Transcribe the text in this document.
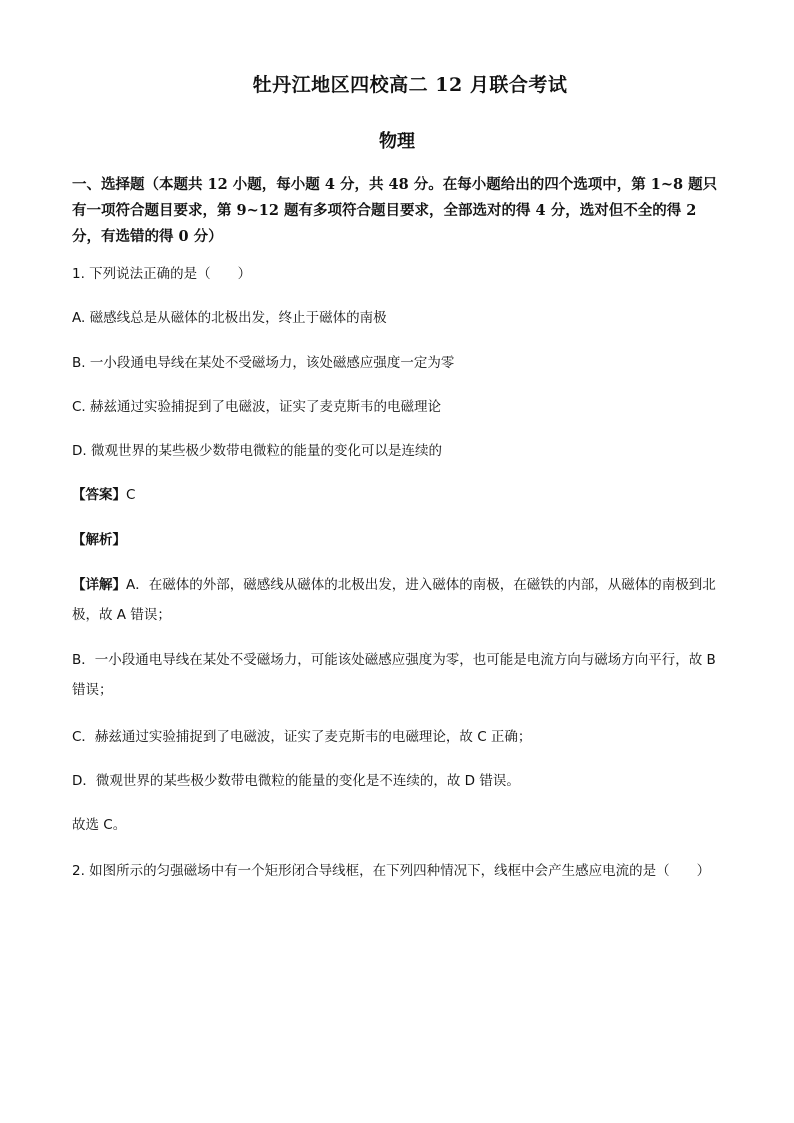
牡丹江地区四校高二 12 月联合考试
物理
一、选择题（本题共 12 小题，每小题 4 分，共 48 分。在每小题给出的四个选项中，第 1~8 题只有一项符合题目要求，第 9~12 题有多项符合题目要求，全部选对的得 4 分，选对但不全的得 2 分，有选错的得 0 分）
1. 下列说法正确的是（　　）
A. 磁感线总是从磁体的北极出发，终止于磁体的南极
B. 一小段通电导线在某处不受磁场力，该处磁感应强度一定为零
C. 赫兹通过实验捕捉到了电磁波，证实了麦克斯韦的电磁理论
D. 微观世界的某些极少数带电微粒的能量的变化可以是连续的
【答案】C
【解析】
【详解】A．在磁体的外部，磁感线从磁体的北极出发，进入磁体的南极，在磁铁的内部，从磁体的南极到北极，故 A 错误；
B．一小段通电导线在某处不受磁场力，可能该处磁感应强度为零，也可能是电流方向与磁场方向平行，故 B 错误；
C．赫兹通过实验捕捉到了电磁波，证实了麦克斯韦的电磁理论，故 C 正确；
D．微观世界的某些极少数带电微粒的能量的变化是不连续的，故 D 错误。
故选 C。
2. 如图所示的匀强磁场中有一个矩形闭合导线框，在下列四种情况下，线框中会产生感应电流的是（　　）
